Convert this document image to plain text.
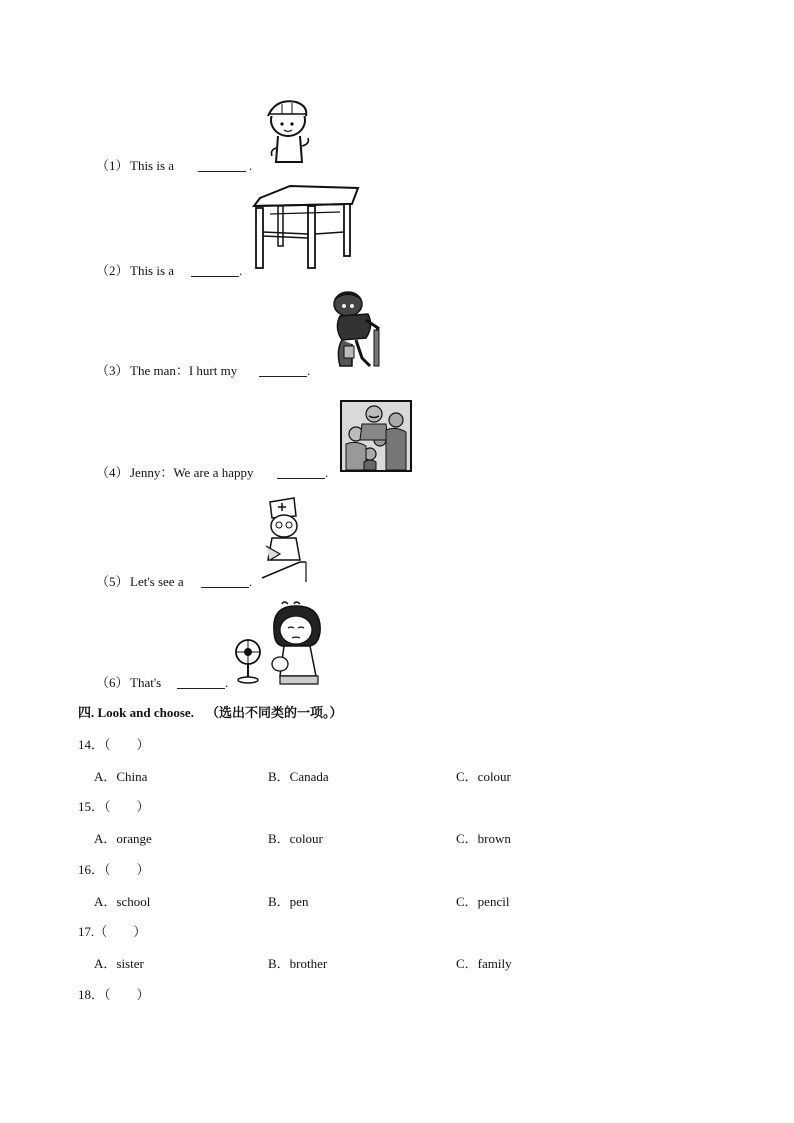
（1） This is a	.
（2） This is a	.
（3） The man：I hurt my	.
（4） Jenny：We are a happy	.
（5） Let's see a	.
（6） That's	.
四. Look and choose. （选出不同类的一项。）
14．（　　）
A．China	B．Canada	C．colour
15．（　　）
A．orange	B．colour	C．brown
16．（　　）
A．school	B．pen	C．pencil
17.（　　）
A．sister	B．brother	C．family
18．（　　）
